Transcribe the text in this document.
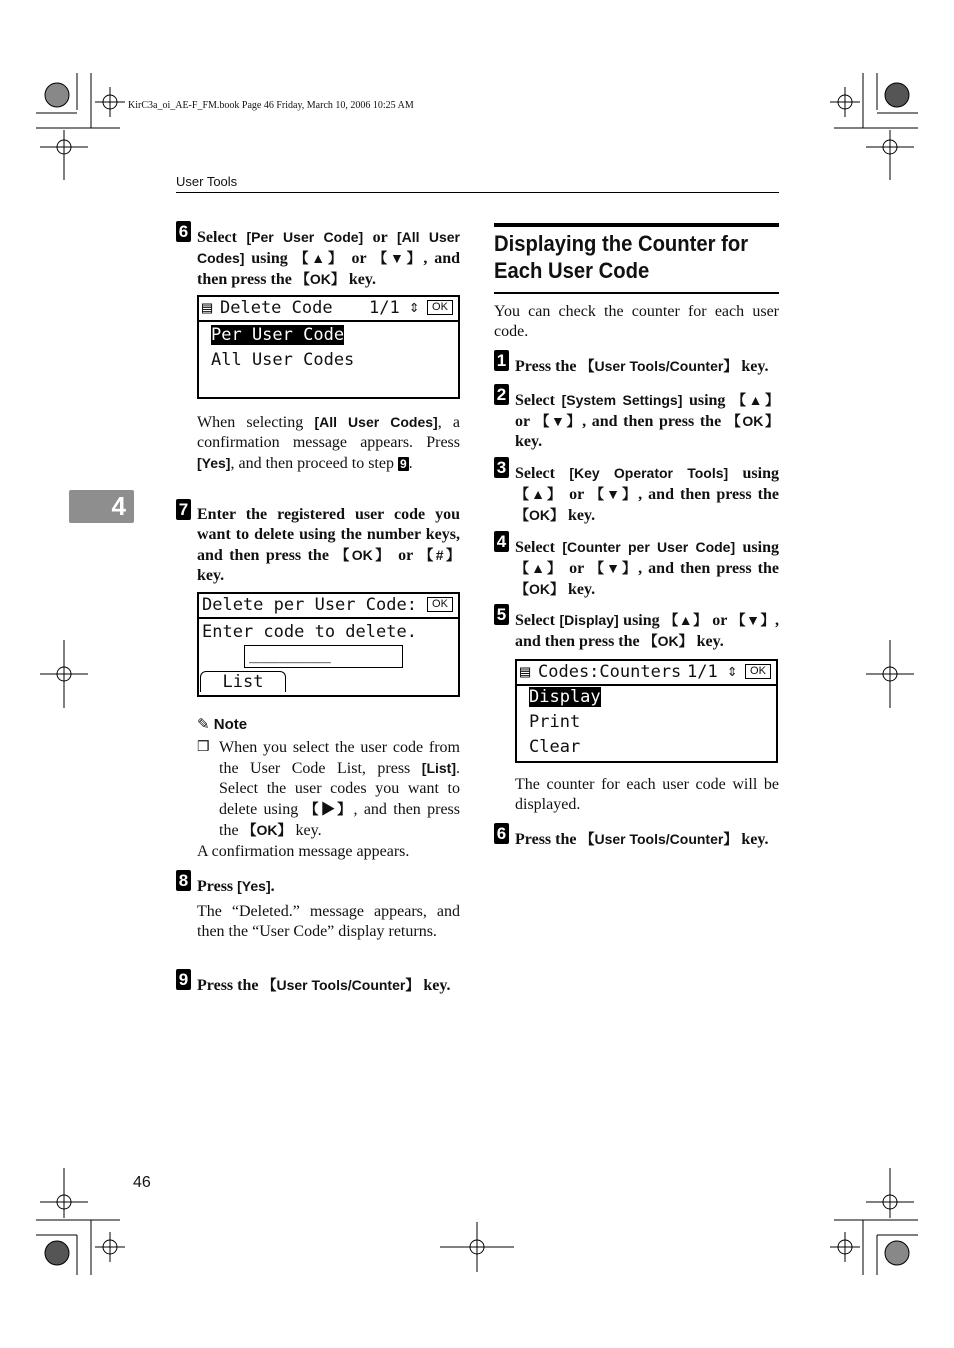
KirC3a_oi_AE-F_FM.book Page 46 Friday, March 10, 2006 10:25 AM
User Tools
4
46
6 Select [Per User Code] or [All User Codes] using 【▲】 or 【▼】, and then press the 【OK】 key.
▤ Delete Code 1/1 ⇕	OK
Per User Code
All User Codes
When selecting [All User Codes], a confirmation message appears. Press [Yes], and then proceed to step 9 .
7 Enter the registered user code you want to delete using the number keys, and then press the 【OK】 or 【#】 key.
Delete per User Code:	OK
Enter code to delete.
________
List
✎ Note
❒ When you select the user code from the User Code List, press [List]. Select the user codes you want to delete using 【▶】, and then press the 【OK】 key.
A confirmation message appears.
8 Press [Yes].
The “Deleted.” message appears, and then the “User Code” display returns.
9 Press the 【User Tools/Counter】 key.
Displaying the Counter for
Each User Code
You can check the counter for each user code.
1 Press the 【User Tools/Counter】 key.
2 Select [System Settings] using 【▲】 or 【▼】, and then press the 【OK】 key.
3 Select [Key Operator Tools] using 【▲】 or 【▼】, and then press the 【OK】 key.
4 Select [Counter per User Code] using 【▲】 or 【▼】, and then press the 【OK】 key.
5 Select [Display] using 【▲】 or 【▼】, and then press the 【OK】 key.
▤ Codes:Counters 1/1 ⇕	OK
Display
Print
Clear
The counter for each user code will be displayed.
6 Press the 【User Tools/Counter】 key.
